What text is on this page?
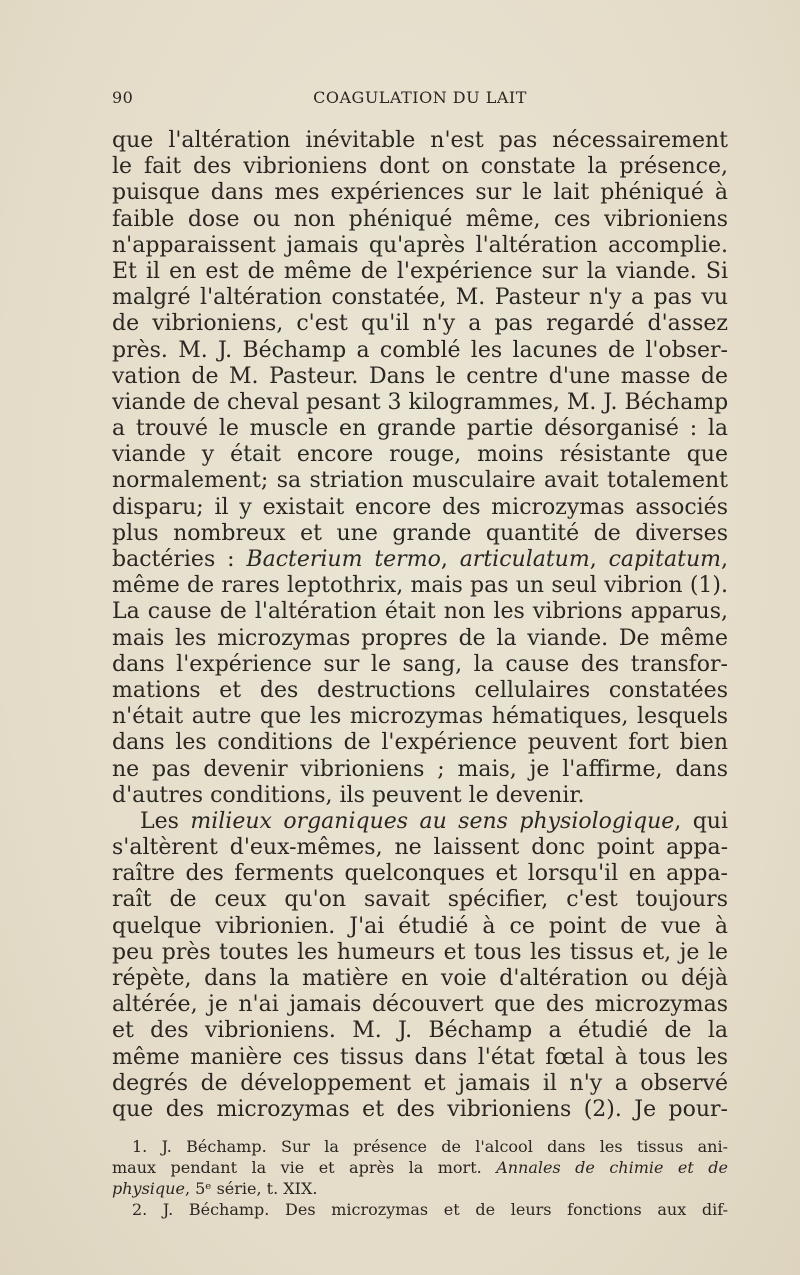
90	COAGULATION DU LAIT
que l'altération inévitable n'est pas nécessairement
le fait des vibrioniens dont on constate la présence,
puisque dans mes expériences sur le lait phéniqué à
faible dose ou non phéniqué même, ces vibrioniens
n'apparaissent jamais qu'après l'altération accomplie.
Et il en est de même de l'expérience sur la viande. Si
malgré l'altération constatée, M. Pasteur n'y a pas vu
de vibrioniens, c'est qu'il n'y a pas regardé d'assez
près. M. J. Béchamp a comblé les lacunes de l'obser-
vation de M. Pasteur. Dans le centre d'une masse de
viande de cheval pesant 3 kilogrammes, M. J. Béchamp
a trouvé le muscle en grande partie désorganisé : la
viande y était encore rouge, moins résistante que
normalement; sa striation musculaire avait totalement
disparu; il y existait encore des microzymas associés
plus nombreux et une grande quantité de diverses
bactéries : Bacterium termo, articulatum, capitatum,
même de rares leptothrix, mais pas un seul vibrion (1).
La cause de l'altération était non les vibrions apparus,
mais les microzymas propres de la viande. De même
dans l'expérience sur le sang, la cause des transfor-
mations et des destructions cellulaires constatées
n'était autre que les microzymas hématiques, lesquels
dans les conditions de l'expérience peuvent fort bien
ne pas devenir vibrioniens ; mais, je l'affirme, dans
d'autres conditions, ils peuvent le devenir.
Les milieux organiques au sens physiologique, qui
s'altèrent d'eux-mêmes, ne laissent donc point appa-
raître des ferments quelconques et lorsqu'il en appa-
raît de ceux qu'on savait spécifier, c'est toujours
quelque vibrionien. J'ai étudié à ce point de vue à
peu près toutes les humeurs et tous les tissus et, je le
répète, dans la matière en voie d'altération ou déjà
altérée, je n'ai jamais découvert que des microzymas
et des vibrioniens. M. J. Béchamp a étudié de la
même manière ces tissus dans l'état fœtal à tous les
degrés de développement et jamais il n'y a observé
que des microzymas et des vibrioniens (2). Je pour-
1. J. Béchamp. Sur la présence de l'alcool dans les tissus ani-
maux pendant la vie et après la mort. Annales de chimie et de
physique, 5ᵉ série, t. XIX.
2. J. Béchamp. Des microzymas et de leurs fonctions aux dif-
